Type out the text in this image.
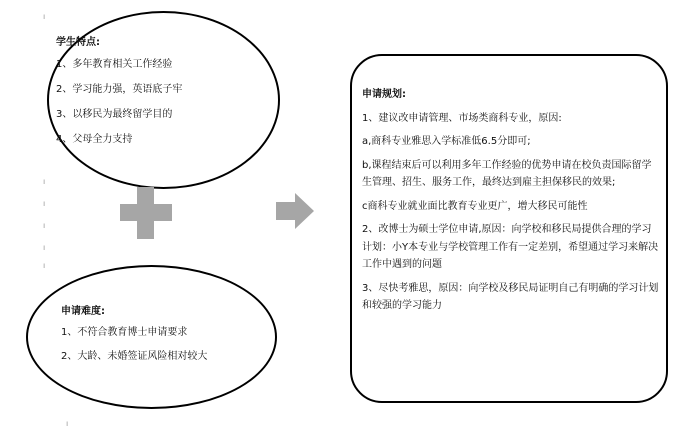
学生特点:
1、多年教育相关工作经验
2、学习能力强，英语底子牢
3、以移民为最终留学目的
4、父母全力支持
申请难度:
1、不符合教育博士申请要求
2、大龄、未婚签证风险相对较大
申请规划:
1、建议改申请管理、市场类商科专业，原因:
a,商科专业雅思入学标准低6.5分即可;
b,课程结束后可以利用多年工作经验的优势申请在校负责国际留学生管理、招生、服务工作，最终达到雇主担保移民的效果;
c商科专业就业面比教育专业更广，增大移民可能性
2、改博士为硕士学位申请,原因：向学校和移民局提供合理的学习计划：小Y本专业与学校管理工作有一定差别，希望通过学习来解决工作中遇到的问题
3、尽快考雅思，原因：向学校及移民局证明自己有明确的学习计划和较强的学习能力
ı
ı
ı
ı
ı
ı
ı
